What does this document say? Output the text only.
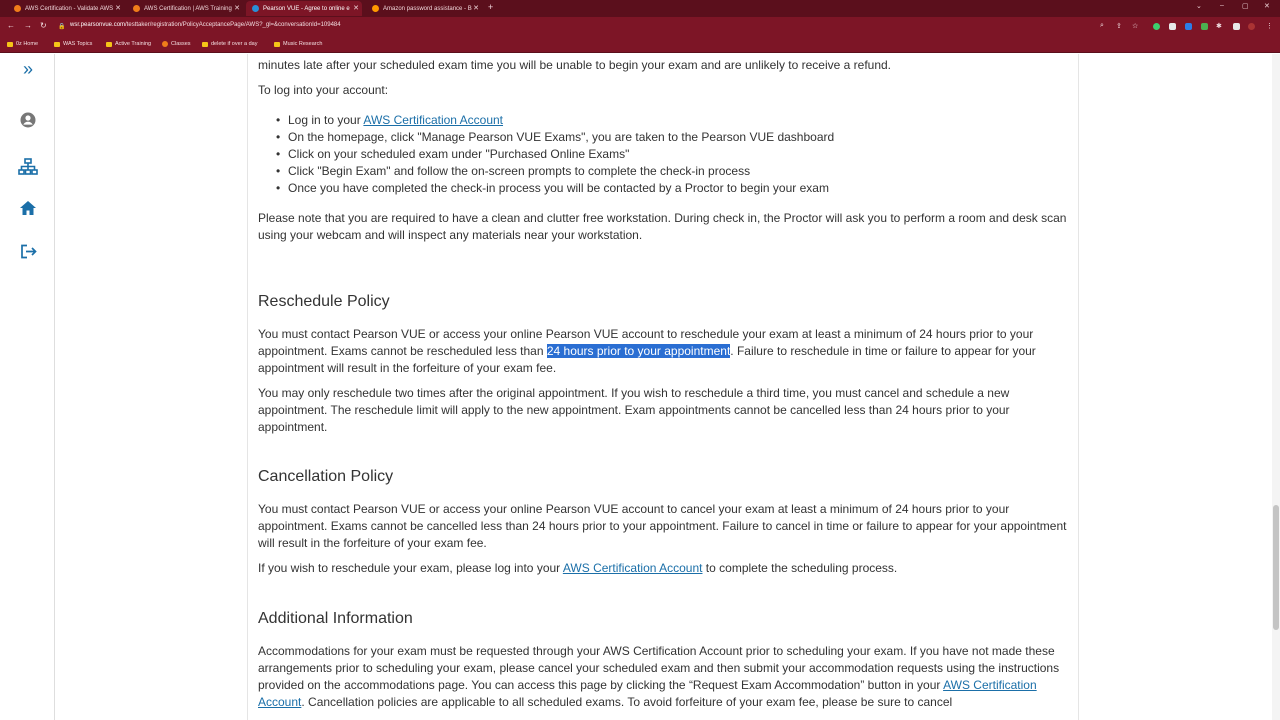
AWS Certification - Validate AWS ✕	AWS Certification | AWS Training ✕	Pearson VUE - Agree to online e ✕	Amazon password assistance - B ✕ +	⌄	–	▢ ✕
← → ↻ 🔒 wsr.pearsonvue.com/testtaker/registration/PolicyAcceptancePage/AWS?_gl=&conversationId=109484	⌕ ⇪ ☆	✱	⋮
0z Home	WAS Topics	Active Training	Classes	delete if over a day	Music Research
»	minutes late after your scheduled exam time you will be unable to begin your exam and are unlikely to receive a refund.

To log into your account:

• Log in to your AWS Certification Account
• On the homepage, click "Manage Pearson VUE Exams", you are taken to the Pearson VUE dashboard
• Click on your scheduled exam under "Purchased Online Exams"
• Click "Begin Exam" and follow the on-screen prompts to complete the check-in process
• Once you have completed the check-in process you will be contacted by a Proctor to begin your exam

Please note that you are required to have a clean and clutter free workstation. During check in, the Proctor will ask you to perform a room and desk scan using your webcam and will inspect any materials near your workstation.

Reschedule Policy

You must contact Pearson VUE or access your online Pearson VUE account to reschedule your exam at least a minimum of 24 hours prior to your appointment. Exams cannot be rescheduled less than 24 hours prior to your appointment. Failure to reschedule in time or failure to appear for your appointment will result in the forfeiture of your exam fee.

You may only reschedule two times after the original appointment. If you wish to reschedule a third time, you must cancel and schedule a new appointment. The reschedule limit will apply to the new appointment. Exam appointments cannot be cancelled less than 24 hours prior to your appointment.

Cancellation Policy

You must contact Pearson VUE or access your online Pearson VUE account to cancel your exam at least a minimum of 24 hours prior to your appointment. Exams cannot be cancelled less than 24 hours prior to your appointment. Failure to cancel in time or failure to appear for your appointment will result in the forfeiture of your exam fee.

If you wish to reschedule your exam, please log into your AWS Certification Account to complete the scheduling process.

Additional Information

Accommodations for your exam must be requested through your AWS Certification Account prior to scheduling your exam. If you have not made these arrangements prior to scheduling your exam, please cancel your scheduled exam and then submit your accommodation requests using the instructions provided on the accommodations page. You can access this page by clicking the “Request Exam Accommodation” button in your AWS Certification Account. Cancellation policies are applicable to all scheduled exams. To avoid forfeiture of your exam fee, please be sure to cancel
